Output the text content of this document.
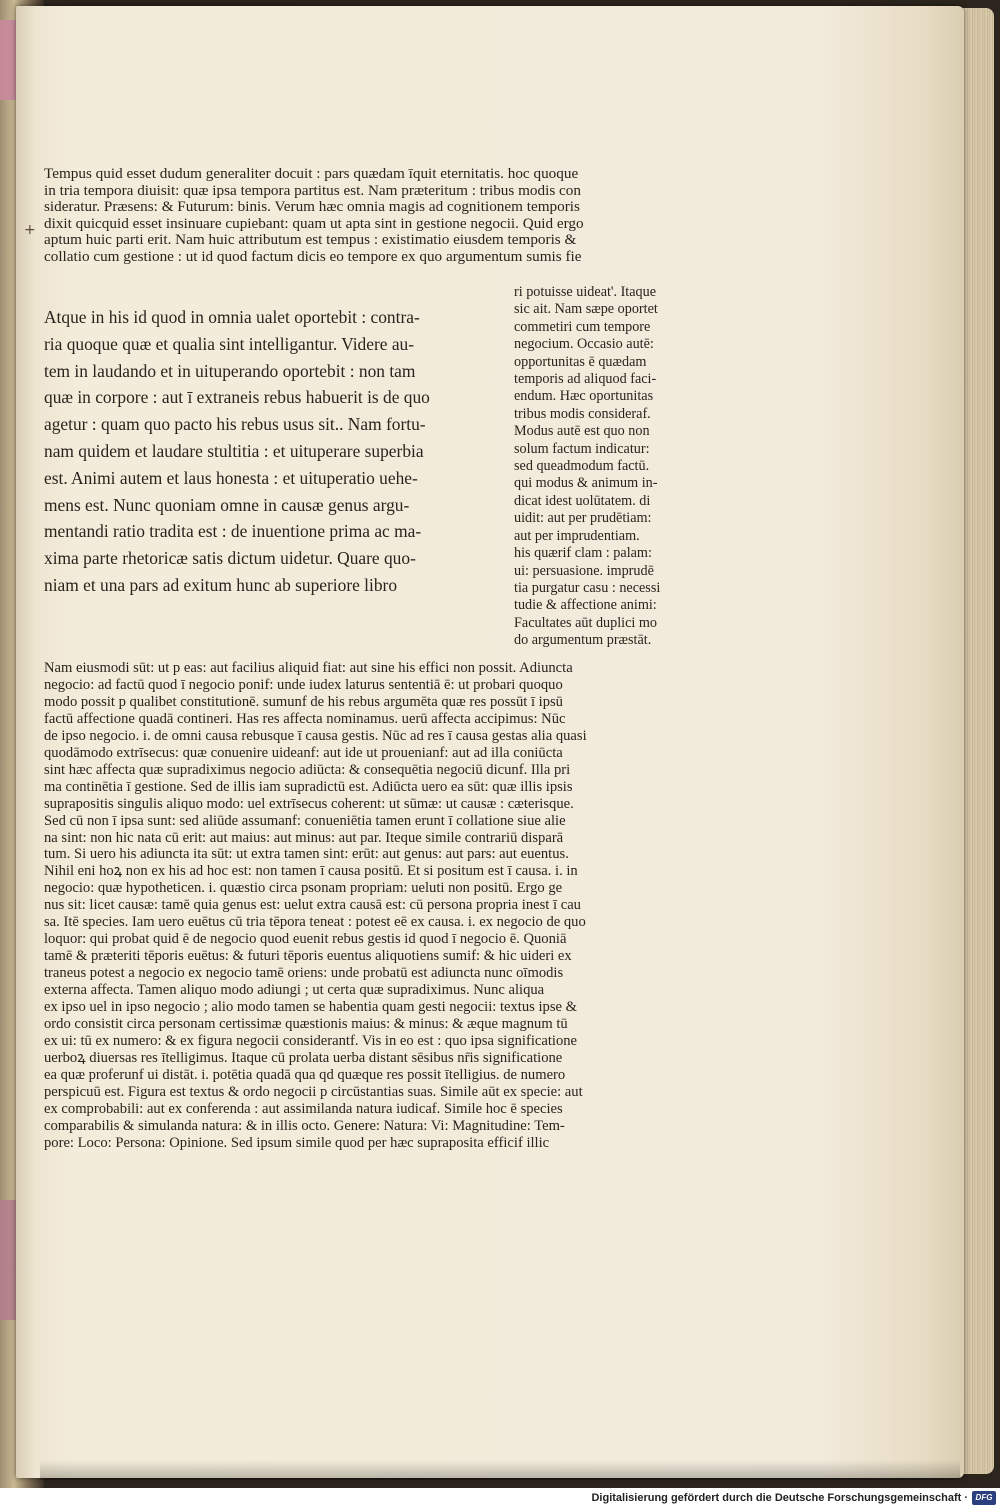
+
Tempus quid esset dudum generaliter docuit : pars quædam īquit eternitatis. hoc quoque
in tria tempora diuisit: quæ ipsa tempora partitus est. Nam præteritum : tribus modis con
sideratur. Præsens: & Futurum: binis. Verum hæc omnia magis ad cognitionem temporis
dixit quicquid esset insinuare cupiebant: quam ut apta sint in gestione negocii. Quid ergo
aptum huic parti erit. Nam huic attributum est tempus : existimatio eiusdem temporis &
collatio cum gestione : ut id quod factum dicis eo tempore ex quo argumentum sumis fie
Atque in his id quod in omnia ualet oportebit : contra-
ria quoque quæ et qualia sint intelligantur. Videre au-
tem in laudando et in uituperando oportebit : non tam
quæ in corpore : aut ī extraneis rebus habuerit is de quo
agetur : quam quo pacto his rebus usus sit.. Nam fortu-
nam quidem et laudare stultitia : et uituperare superbia
est. Animi autem et laus honesta : et uituperatio uehe-
mens est. Nunc quoniam omne in causæ genus argu-
mentandi ratio tradita est : de inuentione prima ac ma-
xima parte rhetoricæ satis dictum uidetur. Quare quo-
niam et una pars ad exitum hunc ab superiore libro
ri potuisse uideat'. Itaque
sic ait. Nam sæpe oportet
commetiri cum tempore
negocium. Occasio autē:
opportunitas ē quædam
temporis ad aliquod faci-
endum. Hæc oportunitas
tribus modis consideraf.
Modus autē est quo non
solum factum indicatur:
sed queadmodum factū.
qui modus & animum in-
dicat idest uolūtatem. di
uidit: aut per prudētiam:
aut per imprudentiam.
his quærif clam : palam:
ui: persuasione. imprudē
tia purgatur casu : necessi
tudie & affectione animi:
Facultates aūt duplici mo
do argumentum præstāt.
Nam eiusmodi sūt: ut p eas: aut facilius aliquid fiat: aut sine his effici non possit. Adiuncta
negocio: ad factū quod ī negocio ponif: unde iudex laturus sententiā ē: ut probari quoquo
modo possit p qualibet constitutionē. sumunf de his rebus argumēta quæ res possūt ī ipsū
factū affectione quadā contineri. Has res affecta nominamus. uerū affecta accipimus: Nūc
de ipso negocio. i. de omni causa rebusque ī causa gestis. Nūc ad res ī causa gestas alia quasi
quodāmodo extrīsecus: quæ conuenire uideanf: aut ide ut prouenianf: aut ad illa coniūcta
sint hæc affecta quæ supradiximus negocio adiūcta: & consequētia negociū dicunf. Illa pri
ma continētia ī gestione. Sed de illis iam supradictū est. Adiūcta uero ea sūt: quæ illis ipsis
suprapositis singulis aliquo modo: uel extrīsecus coherent: ut sūmæ: ut causæ : cæterisque.
Sed cū non ī ipsa sunt: sed aliūde assumanf: conueniētia tamen erunt ī collatione siue alie
na sint: non hic nata cū erit: aut maius: aut minus: aut par. Iteque simile contrariū disparā
tum. Si uero his adiuncta ita sūt: ut extra tamen sint: erūt: aut genus: aut pars: aut euentus.
Nihil eni hoꝝ non ex his ad hoc est: non tamen ī causa positū. Et si positum est ī causa. i. in
negocio: quæ hypotheticen. i. quæstio circa psonam propriam: ueluti non positū. Ergo ge
nus sit: licet causæ: tamē quia genus est: uelut extra causā est: cū persona propria inest ī cau
sa. Itē species. Iam uero euētus cū tria tēpora teneat : potest eē ex causa. i. ex negocio de quo
loquor: qui probat quid ē de negocio quod euenit rebus gestis id quod ī negocio ē. Quoniā
tamē & præteriti tēporis euētus: & futuri tēporis euentus aliquotiens sumif: & hic uideri ex
traneus potest a negocio ex negocio tamē oriens: unde probatū est adiuncta nunc oīmodis
externa affecta. Tamen aliquo modo adiungi ; ut certa quæ supradiximus. Nunc aliqua
ex ipso uel in ipso negocio ; alio modo tamen se habentia quam gesti negocii: textus ipse &
ordo consistit circa personam certissimæ quæstionis maius: & minus: & æque magnum tū
ex ui: tū ex numero: & ex figura negocii considerantf. Vis in eo est : quo ipsa significatione
uerboꝝ diuersas res ītelligimus. Itaque cū prolata uerba distant sēsibus nr̄is significatione
ea quæ proferunf ui distāt. i. potētia quadā qua qd quæque res possit ītelligius. de numero
perspicuū est. Figura est textus & ordo negocii p circūstantias suas. Simile aūt ex specie: aut
ex comprobabili: aut ex conferenda : aut assimilanda natura iudicaf. Simile hoc ē species
comparabilis & simulanda natura: & in illis octo. Genere: Natura: Vi: Magnitudine: Tem-
pore: Loco: Persona: Opinione. Sed ipsum simile quod per hæc suprapositа efficif illic
Digitalisierung gefördert durch die Deutsche Forschungsgemeinschaft · DFG
